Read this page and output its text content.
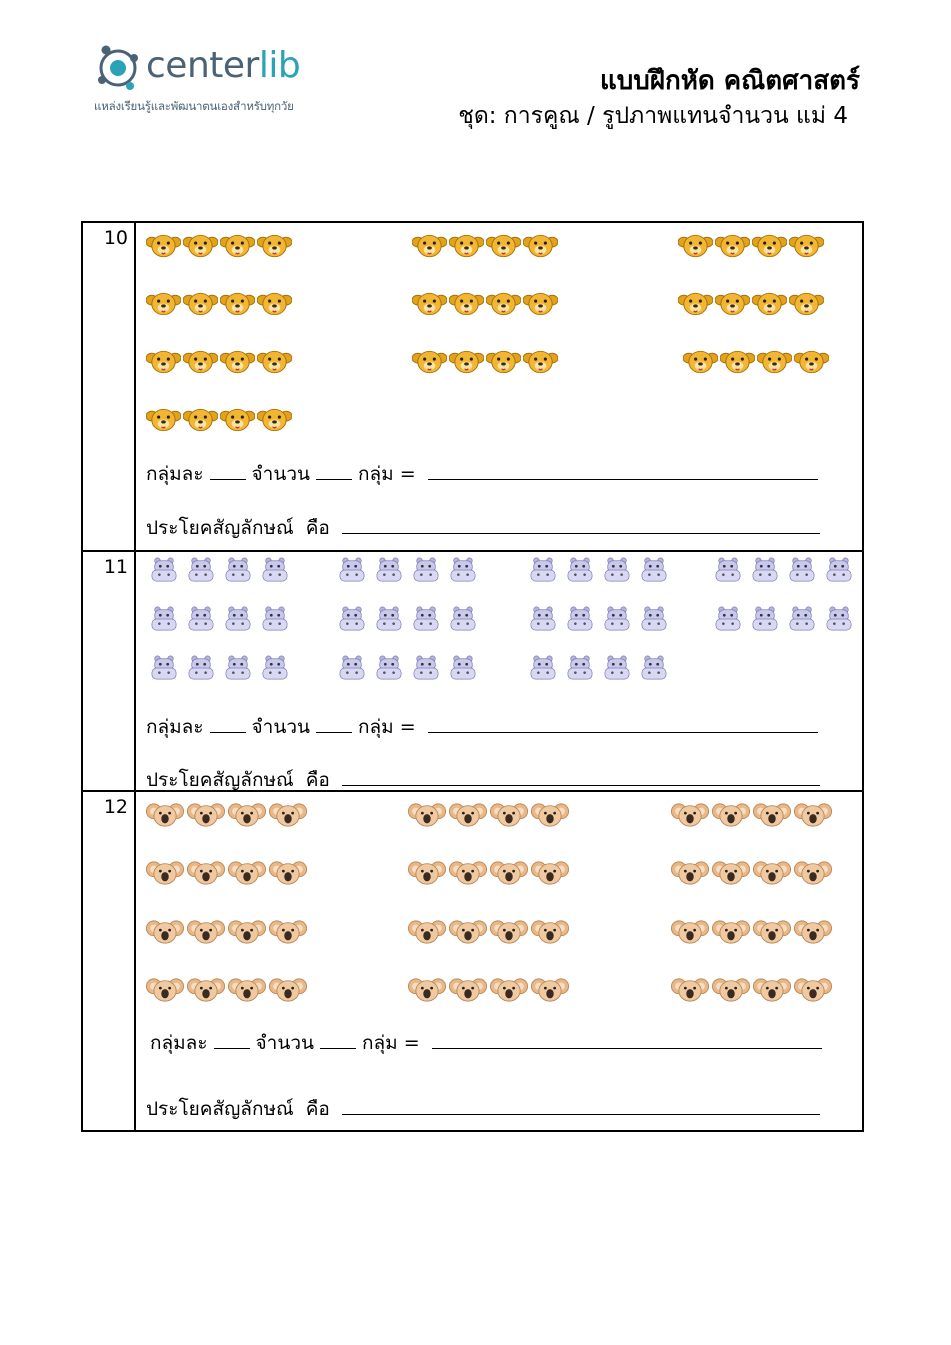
centerlib
แหล่งเรียนรู้และพัฒนาตนเองสำหรับทุกวัย
แบบฝึกหัด คณิตศาสตร์
ชุด: การคูณ / รูปภาพแทนจำนวน แม่ 4
10
กลุ่มละ	จำนวน	กลุ่ม =
ประโยคสัญลักษณ์ คือ
11
กลุ่มละ	จำนวน	กลุ่ม =
ประโยคสัญลักษณ์ คือ
12
กลุ่มละ	จำนวน	กลุ่ม =
ประโยคสัญลักษณ์ คือ
